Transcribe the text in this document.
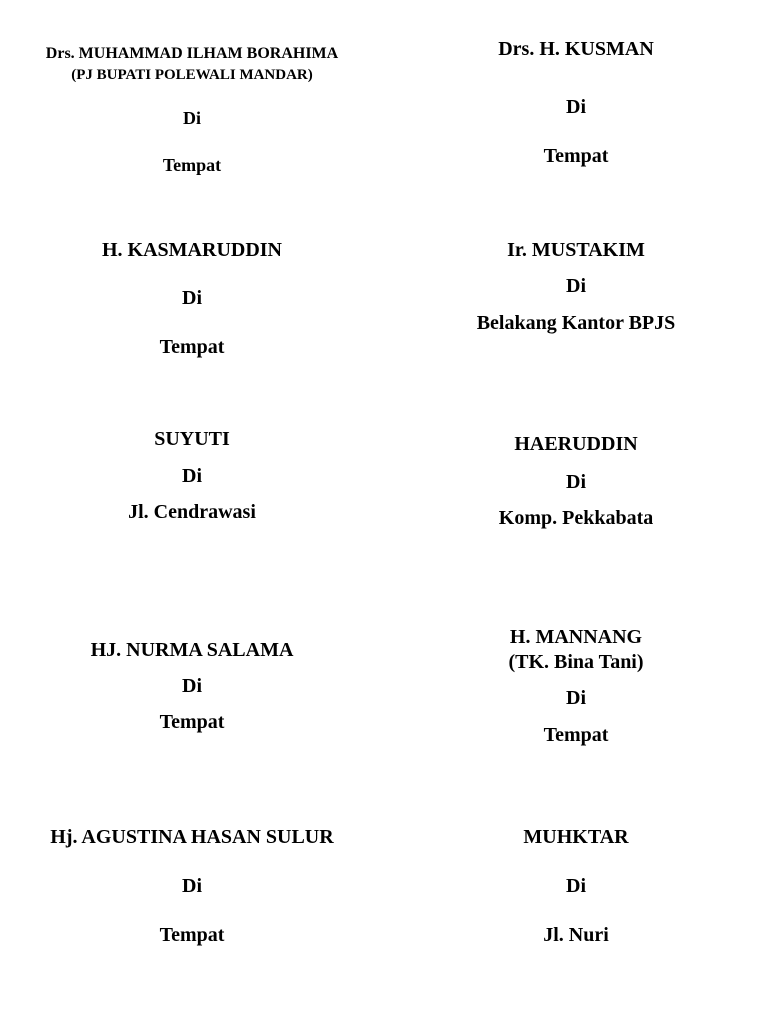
Drs. MUHAMMAD ILHAM BORAHIMA
(PJ BUPATI POLEWALI MANDAR)
Di
Tempat
Drs. H. KUSMAN
Di
Tempat
H. KASMARUDDIN
Di
Tempat
Ir. MUSTAKIM
Di
Belakang Kantor BPJS
SUYUTI
Di
Jl. Cendrawasi
HAERUDDIN
Di
Komp. Pekkabata
HJ. NURMA SALAMA
Di
Tempat
H. MANNANG
(TK. Bina Tani)
Di
Tempat
Hj. AGUSTINA HASAN SULUR
Di
Tempat
MUHKTAR
Di
Jl. Nuri
